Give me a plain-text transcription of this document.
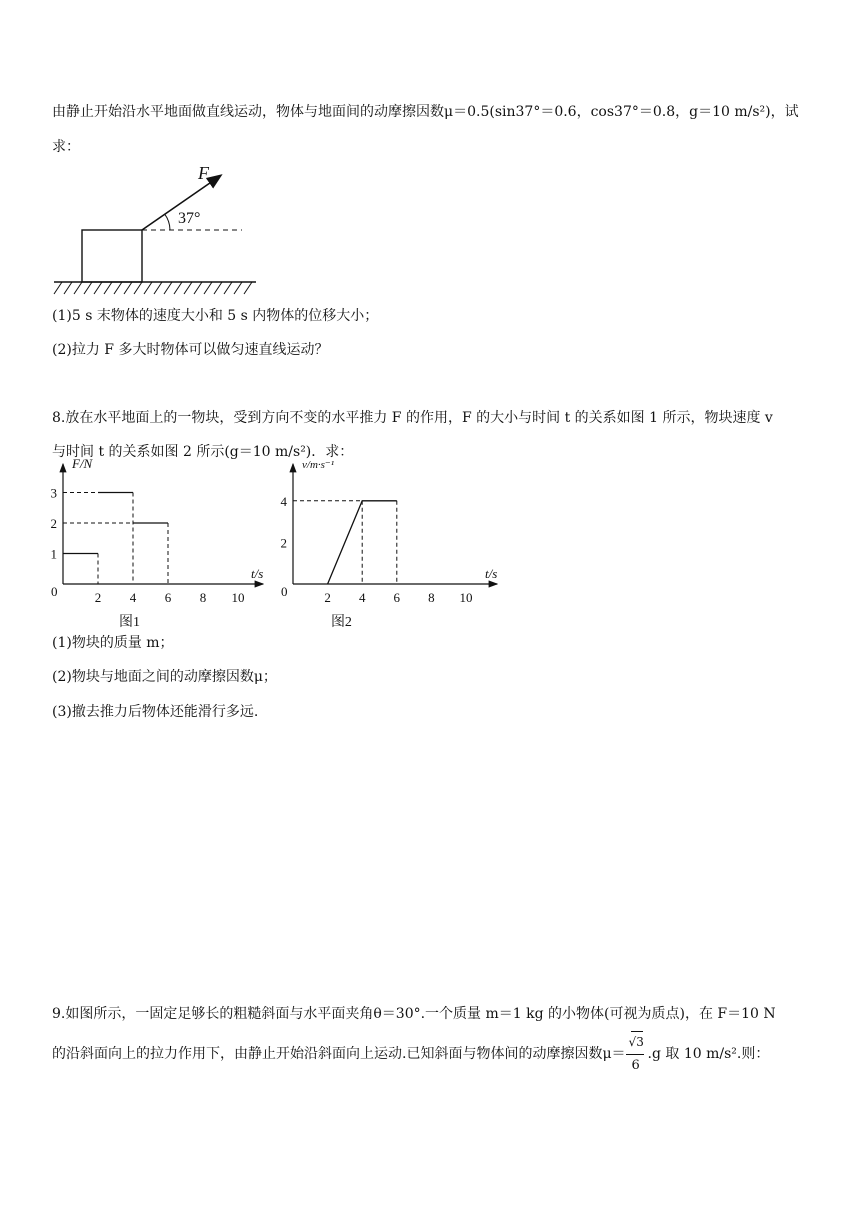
由静止开始沿水平地面做直线运动，物体与地面间的动摩擦因数μ＝0.5(sin37°＝0.6，cos37°＝0.8，g＝10 m/s²)，试
求：
F
37°
(1)5 s 末物体的速度大小和 5 s 内物体的位移大小；
(2)拉力 F 多大时物体可以做匀速直线运动？
8.放在水平地面上的一物块，受到方向不变的水平推力 F 的作用，F 的大小与时间 t 的关系如图 1 所示，物块速度 v
与时间 t 的关系如图 2 所示(g＝10 m/s²)．求：
F/N
t/s
0	2 4 6 8 10
1
2
3
图1
v/m·s⁻¹
t/s
0	2 4 6 8 10
2
4
图2
(1)物块的质量 m；
(2)物块与地面之间的动摩擦因数μ；
(3)撤去推力后物体还能滑行多远.
9.如图所示，一固定足够长的粗糙斜面与水平面夹角θ＝30°.一个质量 m＝1 kg 的小物体(可视为质点)，在 F＝10 N
的沿斜面向上的拉力作用下，由静止开始沿斜面向上运动.已知斜面与物体间的动摩擦因数$\mu= \frac{√3}{6} .g$ 取 10 m/s².则：
